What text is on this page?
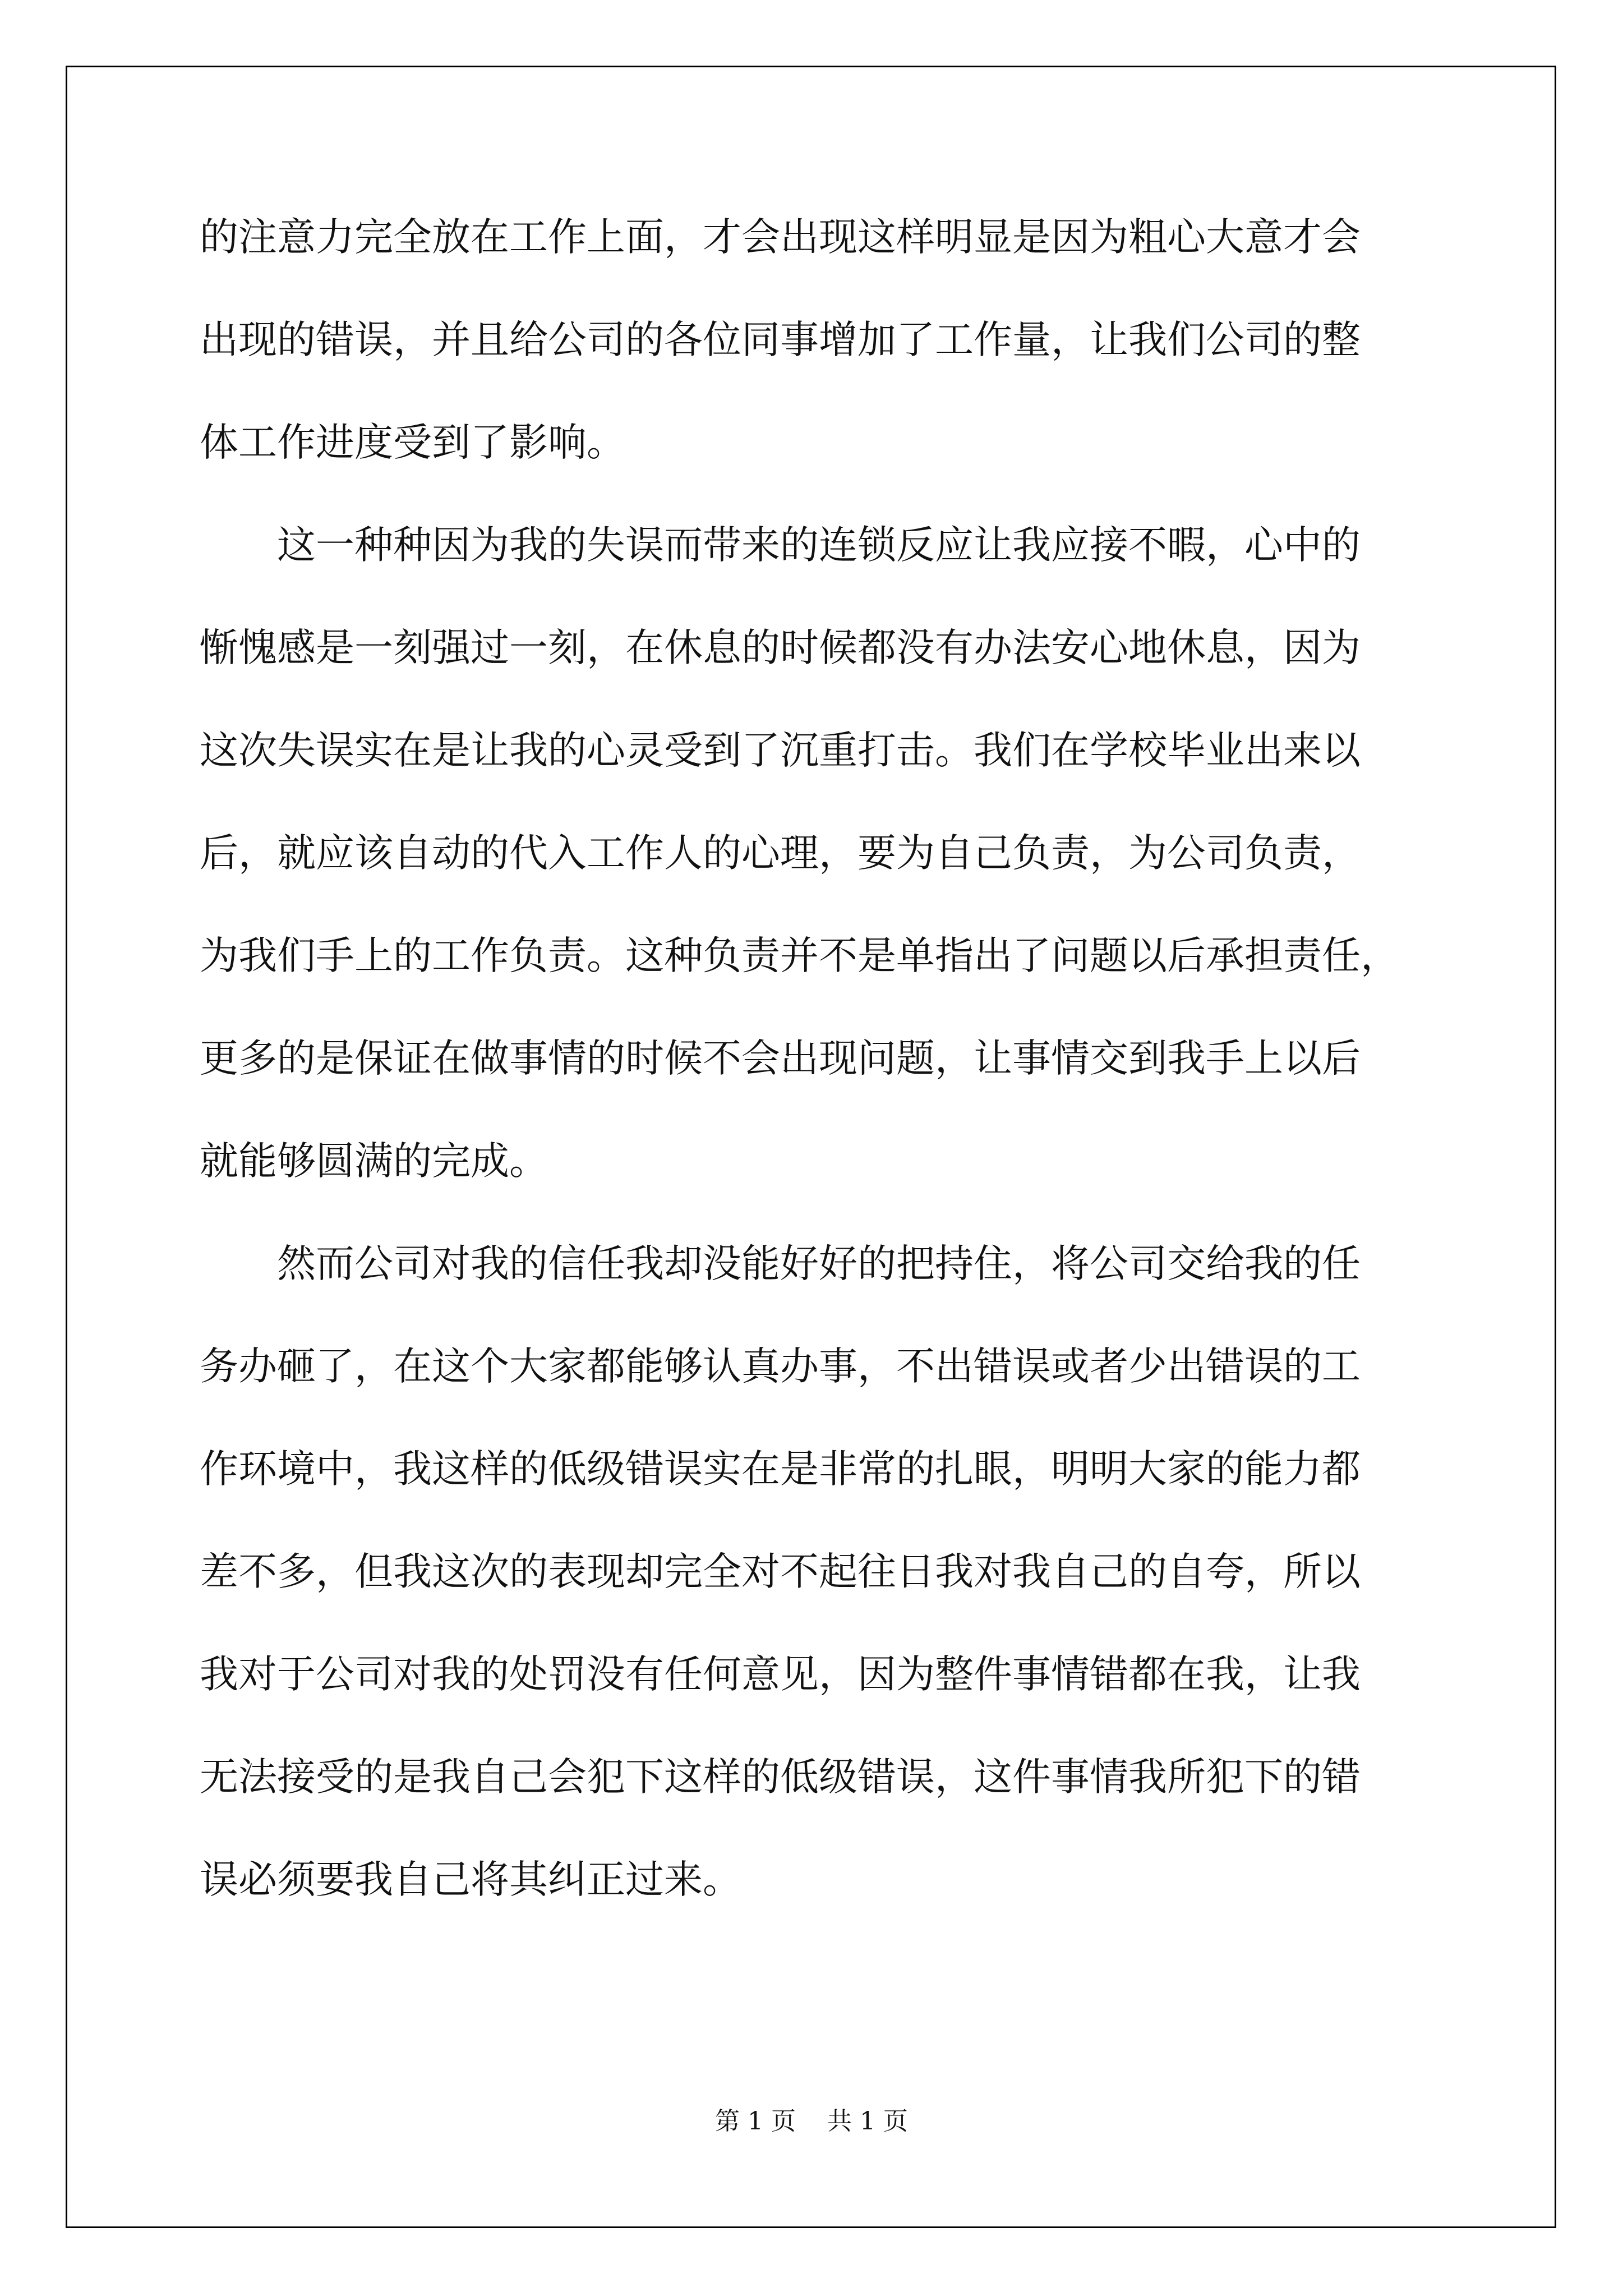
的注意力完全放在工作上面，才会出现这样明显是因为粗心大意才会
出现的错误，并且给公司的各位同事增加了工作量，让我们公司的整
体工作进度受到了影响。
这一种种因为我的失误而带来的连锁反应让我应接不暇，心中的
惭愧感是一刻强过一刻，在休息的时候都没有办法安心地休息，因为
这次失误实在是让我的心灵受到了沉重打击。我们在学校毕业出来以
后，就应该自动的代入工作人的心理，要为自己负责，为公司负责，
为我们手上的工作负责。这种负责并不是单指出了问题以后承担责任，
更多的是保证在做事情的时候不会出现问题，让事情交到我手上以后
就能够圆满的完成。
然而公司对我的信任我却没能好好的把持住，将公司交给我的任
务办砸了，在这个大家都能够认真办事，不出错误或者少出错误的工
作环境中，我这样的低级错误实在是非常的扎眼，明明大家的能力都
差不多，但我这次的表现却完全对不起往日我对我自己的自夸，所以
我对于公司对我的处罚没有任何意见，因为整件事情错都在我，让我
无法接受的是我自己会犯下这样的低级错误，这件事情我所犯下的错
误必须要我自己将其纠正过来。
第 1 页    共 1 页
